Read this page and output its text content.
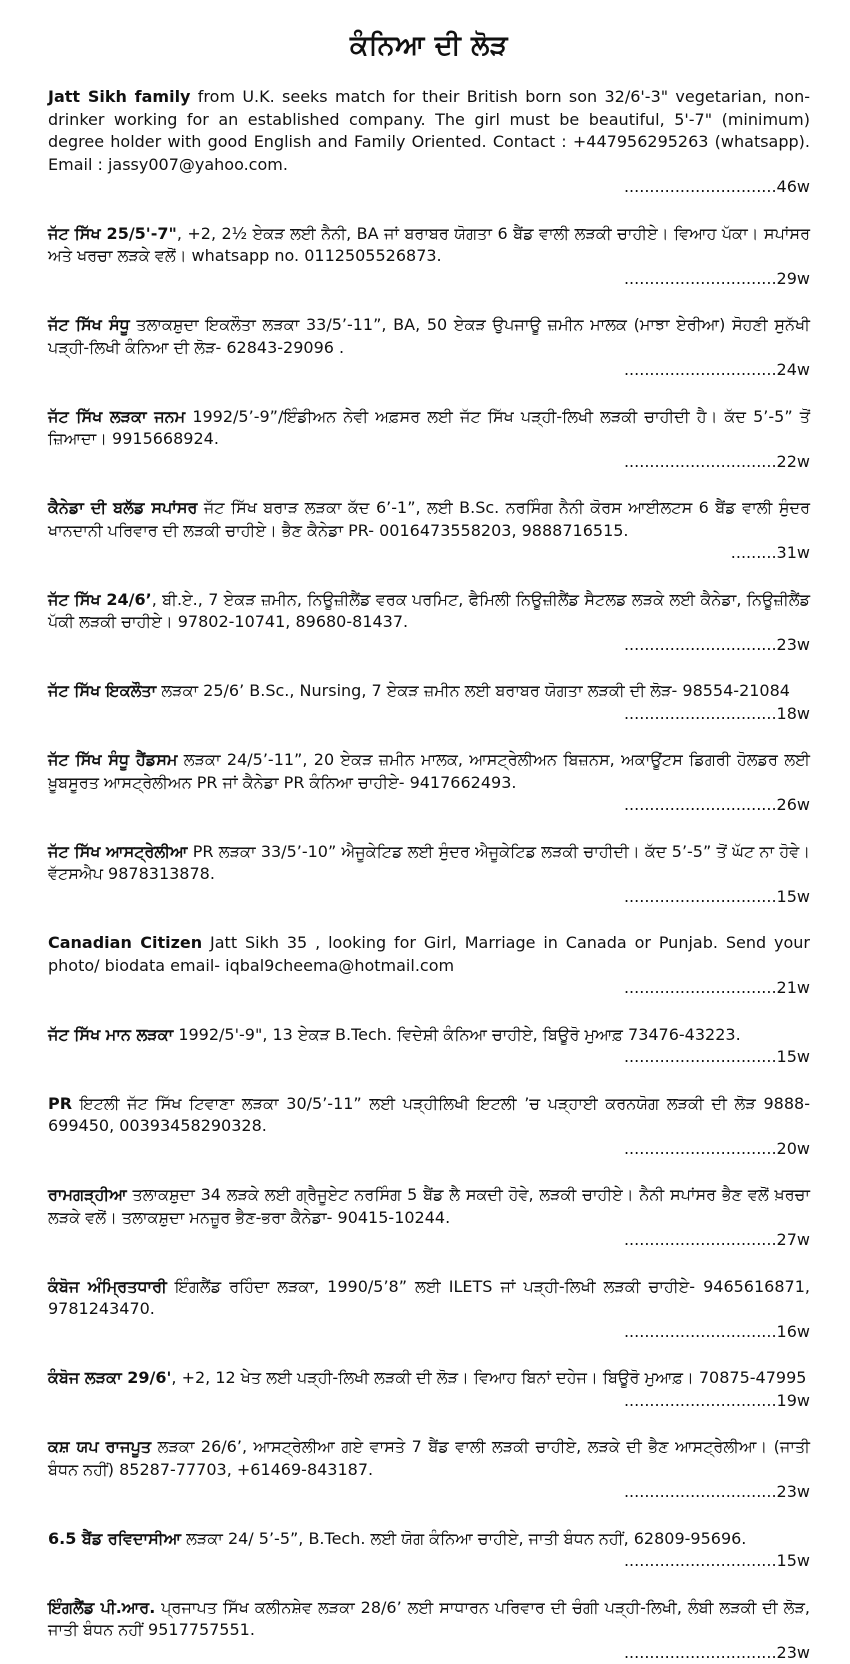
ਕੰਨਿਆ ਦੀ ਲੋੜ
Jatt Sikh family from U.K. seeks match for their British born son 32/6'-3" vegetarian, non-drinker working for an established company. The girl must be beautiful, 5'-7" (minimum) degree holder with good English and Family Oriented. Contact : +447956295263 (whatsapp). Email : jassy007@yahoo.com.
..............................46w
ਜੱਟ ਸਿੱਖ 25/5'-7", +2, 2½ ਏਕੜ ਲਈ ਨੈਨੀ, BA ਜਾਂ ਬਰਾਬਰ ਯੋਗਤਾ 6 ਬੈਂਡ ਵਾਲੀ ਲੜਕੀ ਚਾਹੀਏ। ਵਿਆਹ ਪੱਕਾ। ਸਪਾਂਸਰ ਅਤੇ ਖਰਚਾ ਲੜਕੇ ਵਲੋਂ। whatsapp no. 0112505526873.
..............................29w
ਜੱਟ ਸਿੱਖ ਸੰਧੂ ਤਲਾਕਸ਼ੁਦਾ ਇਕਲੌਤਾ ਲੜਕਾ 33/5’-11”, BA, 50 ਏਕੜ ਉਪਜਾਊ ਜ਼ਮੀਨ ਮਾਲਕ (ਮਾਝਾ ਏਰੀਆ) ਸੋਹਣੀ ਸੁਨੱਖੀ ਪੜ੍ਹੀ-ਲਿਖੀ ਕੰਨਿਆ ਦੀ ਲੋੜ- 62843-29096 .
..............................24w
ਜੱਟ ਸਿੱਖ ਲੜਕਾ ਜਨਮ 1992/5’-9”/ਇੰਡੀਅਨ ਨੇਵੀ ਅਫ਼ਸਰ ਲਈ ਜੱਟ ਸਿੱਖ ਪੜ੍ਹੀ-ਲਿਖੀ ਲੜਕੀ ਚਾਹੀਦੀ ਹੈ। ਕੱਦ 5’-5” ਤੋਂ ਜ਼ਿਆਦਾ। 9915668924.
..............................22w
ਕੈਨੇਡਾ ਦੀ ਬਲੱਡ ਸਪਾਂਸਰ ਜੱਟ ਸਿੱਖ ਬਰਾੜ ਲੜਕਾ ਕੱਦ 6’-1”, ਲਈ B.Sc. ਨਰਸਿੰਗ ਨੈਨੀ ਕੋਰਸ ਆਈਲਟਸ 6 ਬੈਂਡ ਵਾਲੀ ਸੁੰਦਰ ਖਾਨਦਾਨੀ ਪਰਿਵਾਰ ਦੀ ਲੜਕੀ ਚਾਹੀਏ। ਭੈਣ ਕੈਨੇਡਾ PR- 0016473558203, 9888716515.
.........31w
ਜੱਟ ਸਿੱਖ 24/6’, ਬੀ.ਏ., 7 ਏਕੜ ਜ਼ਮੀਨ, ਨਿਊਜ਼ੀਲੈਂਡ ਵਰਕ ਪਰਮਿਟ, ਫੈਮਿਲੀ ਨਿਊਜ਼ੀਲੈਂਡ ਸੈਟਲਡ ਲੜਕੇ ਲਈ ਕੈਨੇਡਾ, ਨਿਊਜ਼ੀਲੈਂਡ ਪੱਕੀ ਲੜਕੀ ਚਾਹੀਏ। 97802-10741, 89680-81437.
..............................23w
ਜੱਟ ਸਿੱਖ ਇਕਲੌਤਾ ਲੜਕਾ 25/6’ B.Sc., Nursing, 7 ਏਕੜ ਜ਼ਮੀਨ ਲਈ ਬਰਾਬਰ ਯੋਗਤਾ ਲੜਕੀ ਦੀ ਲੋੜ- 98554-21084
..............................18w
ਜੱਟ ਸਿੱਖ ਸੰਧੂ ਹੈਂਡਸਮ ਲੜਕਾ 24/5’-11”, 20 ਏਕੜ ਜ਼ਮੀਨ ਮਾਲਕ, ਆਸਟ੍ਰੇਲੀਅਨ ਬਿਜ਼ਨਸ, ਅਕਾਊਂਟਸ ਡਿਗਰੀ ਹੋਲਡਰ ਲਈ ਖ਼ੂਬਸੂਰਤ ਆਸਟ੍ਰੇਲੀਅਨ PR ਜਾਂ ਕੈਨੇਡਾ PR ਕੰਨਿਆ ਚਾਹੀਏ- 9417662493.
..............................26w
ਜੱਟ ਸਿੱਖ ਆਸਟ੍ਰੇਲੀਆ PR ਲੜਕਾ 33/5’-10” ਐਜੂਕੇਟਿਡ ਲਈ ਸੁੰਦਰ ਐਜੂਕੇਟਿਡ ਲੜਕੀ ਚਾਹੀਦੀ। ਕੱਦ 5’-5” ਤੋਂ ਘੱਟ ਨਾ ਹੋਵੇ। ਵੱਟਸਐਪ 9878313878.
..............................15w
Canadian Citizen Jatt Sikh 35 , looking for Girl, Marriage in Canada or Punjab. Send your photo/ biodata email- iqbal9cheema@hotmail.com
..............................21w
ਜੱਟ ਸਿੱਖ ਮਾਨ ਲੜਕਾ 1992/5'-9", 13 ਏਕੜ B.Tech. ਵਿਦੇਸ਼ੀ ਕੰਨਿਆ ਚਾਹੀਏ, ਬਿਊਰੋ ਮੁਆਫ਼ 73476-43223.
..............................15w
PR ਇਟਲੀ ਜੱਟ ਸਿੱਖ ਟਿਵਾਣਾ ਲੜਕਾ 30/5’-11” ਲਈ ਪੜ੍ਹੀਲਿਖੀ ਇਟਲੀ ’ਚ ਪੜ੍ਹਾਈ ਕਰਨਯੋਗ ਲੜਕੀ ਦੀ ਲੋੜ 9888-699450, 00393458290328.
..............................20w
ਰਾਮਗੜ੍ਹੀਆ ਤਲਾਕਸ਼ੁਦਾ 34 ਲੜਕੇ ਲਈ ਗ੍ਰੈਜੂਏਟ ਨਰਸਿੰਗ 5 ਬੈਂਡ ਲੈ ਸਕਦੀ ਹੋਵੇ, ਲੜਕੀ ਚਾਹੀਏ। ਨੈਨੀ ਸਪਾਂਸਰ ਭੈਣ ਵਲੋਂ ਖ਼ਰਚਾ ਲੜਕੇ ਵਲੋਂ। ਤਲਾਕਸ਼ੁਦਾ ਮਨਜ਼ੂਰ ਭੈਣ-ਭਰਾ ਕੈਨੇਡਾ- 90415-10244.
..............................27w
ਕੰਬੋਜ ਅੰਮ੍ਰਿਤਧਾਰੀ ਇੰਗਲੈਂਡ ਰਹਿੰਦਾ ਲੜਕਾ, 1990/5’8” ਲਈ ILETS ਜਾਂ ਪੜ੍ਹੀ-ਲਿਖੀ ਲੜਕੀ ਚਾਹੀਏ- 9465616871, 9781243470.
..............................16w
ਕੰਬੋਜ ਲੜਕਾ 29/6', +2, 12 ਖੇਤ ਲਈ ਪੜ੍ਹੀ-ਲਿਖੀ ਲੜਕੀ ਦੀ ਲੋੜ। ਵਿਆਹ ਬਿਨਾਂ ਦਹੇਜ। ਬਿਊਰੋ ਮੁਆਫ਼। 70875-47995
..............................19w
ਕਸ਼ ਯਪ ਰਾਜਪੂਤ ਲੜਕਾ 26/6’, ਆਸਟ੍ਰੇਲੀਆ ਗਏ ਵਾਸਤੇ 7 ਬੈਂਡ ਵਾਲੀ ਲੜਕੀ ਚਾਹੀਏ, ਲੜਕੇ ਦੀ ਭੈਣ ਆਸਟ੍ਰੇਲੀਆ। (ਜਾਤੀ ਬੰਧਨ ਨਹੀਂ) 85287-77703, +61469-843187.
..............................23w
6.5 ਬੈਂਡ ਰਵਿਦਾਸੀਆ ਲੜਕਾ 24/ 5’-5”, B.Tech. ਲਈ ਯੋਗ ਕੰਨਿਆ ਚਾਹੀਏ, ਜਾਤੀ ਬੰਧਨ ਨਹੀਂ, 62809-95696.
..............................15w
ਇੰਗਲੈਂਡ ਪੀ.ਆਰ. ਪ੍ਰਜਾਪਤ ਸਿੱਖ ਕਲੀਨਸ਼ੇਵ ਲੜਕਾ 28/6’ ਲਈ ਸਾਧਾਰਨ ਪਰਿਵਾਰ ਦੀ ਚੰਗੀ ਪੜ੍ਹੀ-ਲਿਖੀ, ਲੰਬੀ ਲੜਕੀ ਦੀ ਲੋੜ, ਜਾਤੀ ਬੰਧਨ ਨਹੀਂ 9517757551.
..............................23w
